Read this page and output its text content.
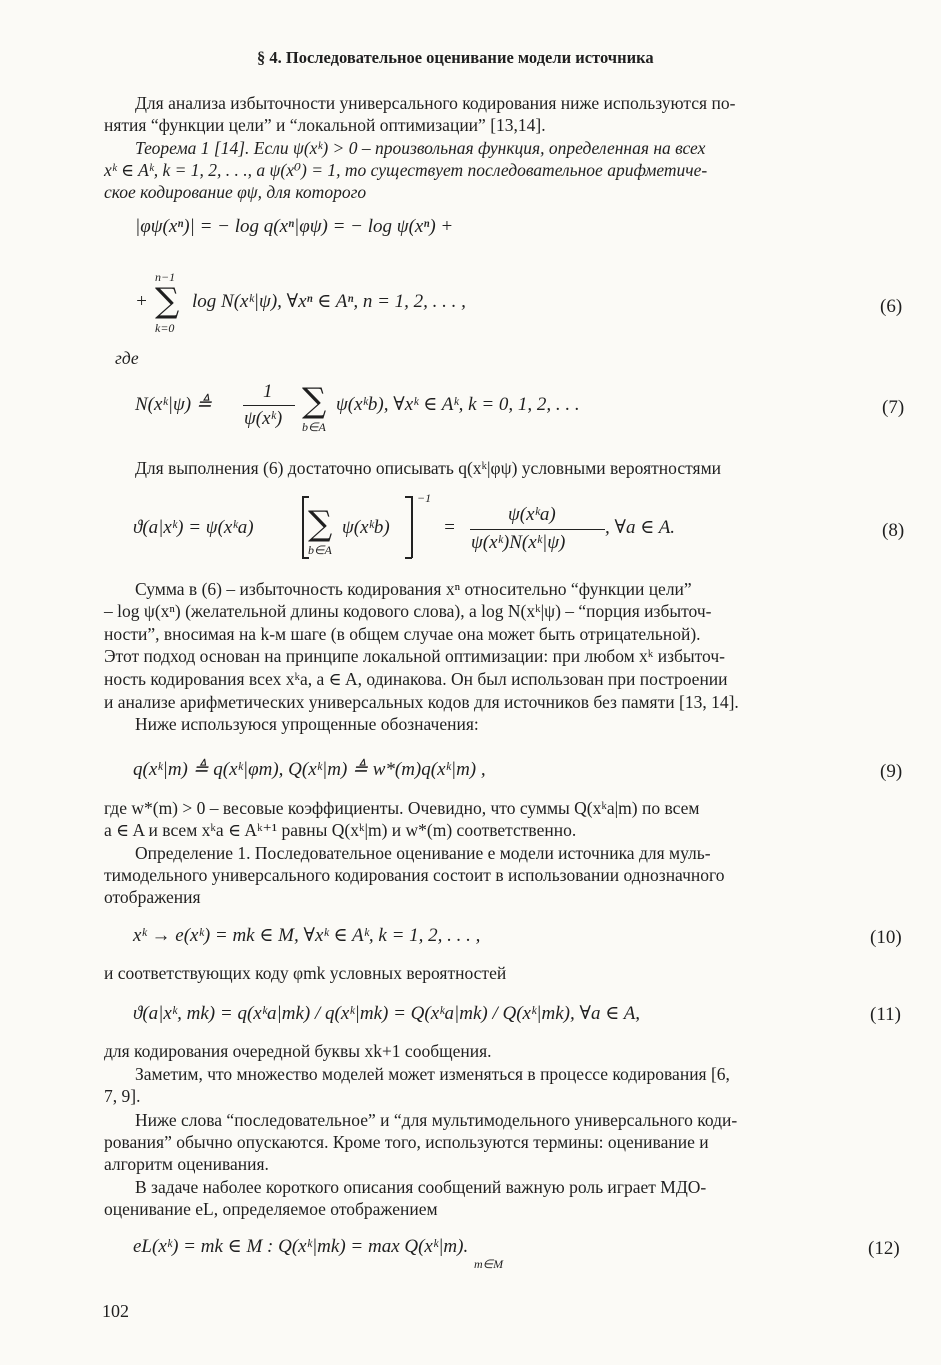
§ 4. Последовательное оценивание модели источника
Для анализа избыточности универсального кодирования ниже используются по-
нятия “функции цели” и “локальной оптимизации” [13,14].
Теорема 1 [14]. Если ψ(xᵏ) > 0 – произвольная функция, определенная на всех
xᵏ ∈ Aᵏ, k = 1, 2, . . ., а ψ(x⁰) = 1, то существует последовательное арифметиче-
ское кодирование φψ, для которого
|φψ(xⁿ)| = − log q(xⁿ|φψ) = − log ψ(xⁿ) +
+
n−1
∑
k=0
log N(xᵏ|ψ), ∀xⁿ ∈ Aⁿ, n = 1, 2, . . . ,	(6)
где
N(xᵏ|ψ) ≜
1
ψ(xᵏ) ∑
b∈A
ψ(xᵏb), ∀xᵏ ∈ Aᵏ, k = 0, 1, 2, . . .	(7)
Для выполнения (6) достаточно описывать q(xᵏ|φψ) условными вероятностями
ϑ(a|xᵏ) = ψ(xᵏa) ∑
b∈A
ψ(xᵏb)
−1
=
ψ(xᵏa)
ψ(xᵏ)N(xᵏ|ψ)
, ∀a ∈ A.	(8)
Сумма в (6) – избыточность кодирования xⁿ относительно “функции цели”
– log ψ(xⁿ) (желательной длины кодового слова), а log N(xᵏ|ψ) – “порция избыточ-
ности”, вносимая на k-м шаге (в общем случае она может быть отрицательной).
Этот подход основан на принципе локальной оптимизации: при любом xᵏ избыточ-
ность кодирования всех xᵏa, a ∈ A, одинакова. Он был использован при построении
и анализе арифметических универсальных кодов для источников без памяти [13, 14].
Ниже используюся упрощенные обозначения:
q(xᵏ|m) ≜ q(xᵏ|φm), Q(xᵏ|m) ≜ w*(m)q(xᵏ|m) ,	(9)
где w*(m) > 0 – весовые коэффициенты. Очевидно, что суммы Q(xᵏa|m) по всем
a ∈ A и всем xᵏa ∈ Aᵏ⁺¹ равны Q(xᵏ|m) и w*(m) соответственно.
Определение 1. Последовательное оценивание e модели источника для муль-
тимодельного универсального кодирования состоит в использовании однозначного
отображения
xᵏ → e(xᵏ) = mk ∈ M, ∀xᵏ ∈ Aᵏ, k = 1, 2, . . . ,	(10)
и соответствующих коду φmk условных вероятностей
ϑ(a|xᵏ, mk) = q(xᵏa|mk) / q(xᵏ|mk) = Q(xᵏa|mk) / Q(xᵏ|mk), ∀a ∈ A,	(11)
для кодирования очередной буквы xk+1 сообщения.
Заметим, что множество моделей может изменяться в процессе кодирования [6,
7, 9].
Ниже слова “последовательное” и “для мультимодельного универсального коди-
рования” обычно опускаются. Кроме того, используются термины: оценивание и
алгоритм оценивания.
В задаче наболее короткого описания сообщений важную роль играет МДО-
оценивание eL, определяемое отображением
eL(xᵏ) = mk ∈ M : Q(xᵏ|mk) = max Q(xᵏ|m).
m∈M
(12)
102
